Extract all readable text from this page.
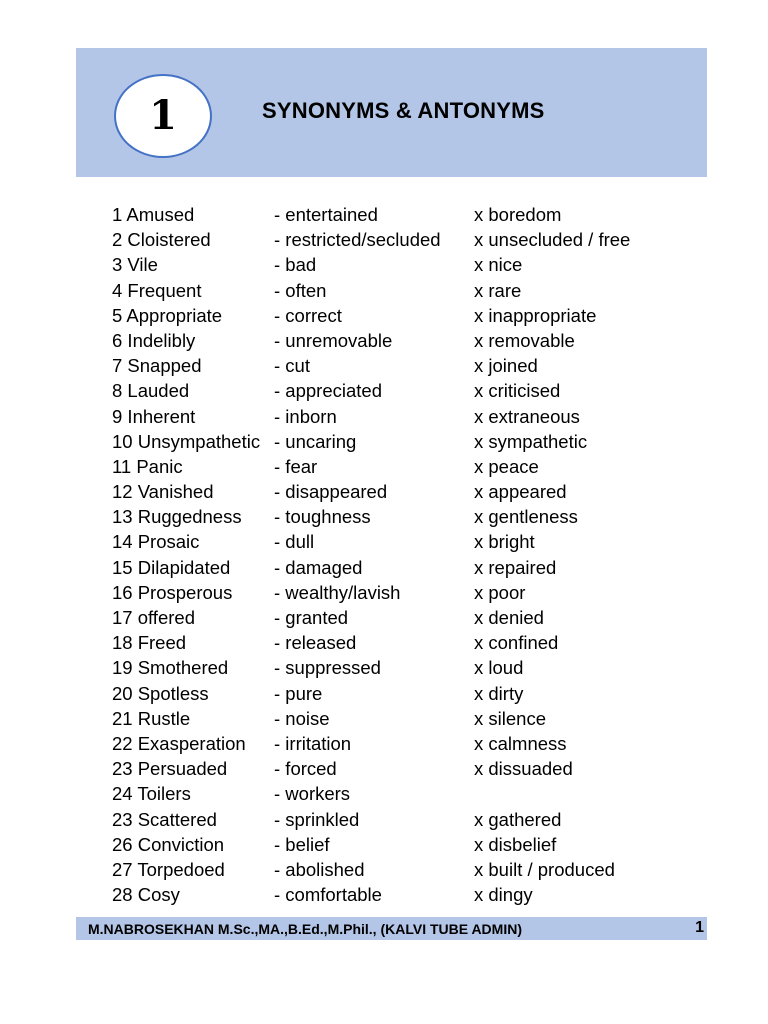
1	SYNONYMS & ANTONYMS
1 Amused	- entertained	x boredom
2 Cloistered	- restricted/secluded x unsecluded / free
3 Vile	- bad	x nice
4 Frequent	- often	x rare
5 Appropriate	- correct	x inappropriate
6 Indelibly	- unremovable	x removable
7 Snapped	- cut	x joined
8 Lauded	- appreciated	x criticised
9 Inherent	- inborn	x extraneous
10 Unsympathetic - uncaring	x sympathetic
11 Panic	- fear	x peace
12 Vanished	- disappeared	x appeared
13 Ruggedness - toughness	x gentleness
14 Prosaic	- dull	x bright
15 Dilapidated - damaged	x repaired
16 Prosperous - wealthy/lavish	x poor
17 offered	- granted	x denied
18 Freed	- released	x confined
19 Smothered - suppressed	x loud
20 Spotless	- pure	x dirty
21 Rustle	- noise	x silence
22 Exasperation - irritation	x calmness
23 Persuaded	- forced	x dissuaded
24 Toilers	- workers
23 Scattered	- sprinkled	x gathered
26 Conviction	- belief	x disbelief
27 Torpedoed	- abolished	x built / produced
28 Cosy	- comfortable	x dingy
M.NABROSEKHAN M.Sc.,MA.,B.Ed.,M.Phil., (KALVI TUBE ADMIN)	1
